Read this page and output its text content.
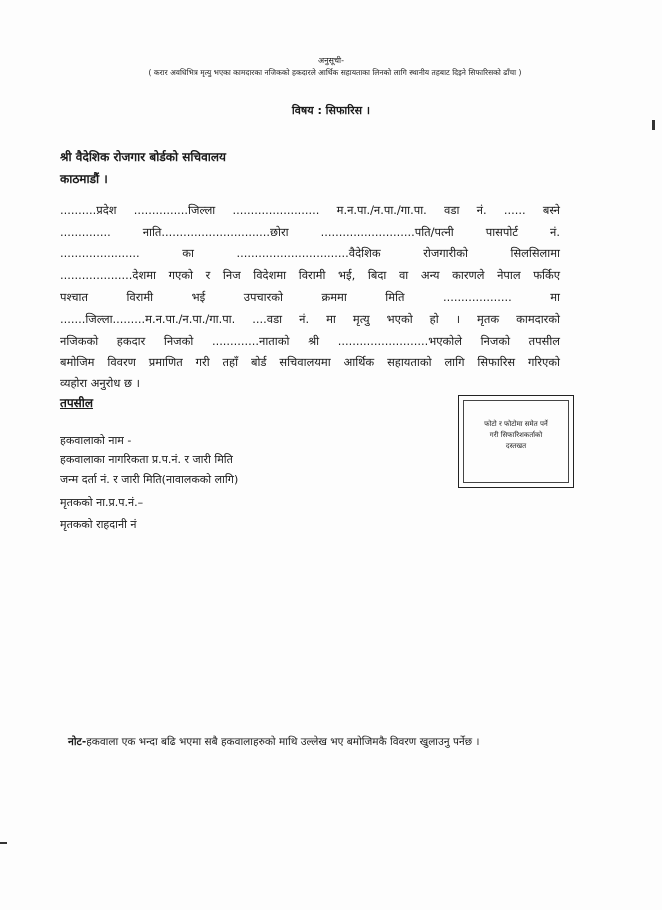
अनुसूची-
( करार अवधिभित्र मृत्यु भएका कामदारका नजिकको हकदारले आर्थिक सहायताका लिनको लागि स्थानीय तहबाट दिइने सिफारिसको ढाँचा )
विषय : सिफारिस ।
श्री वैदेशिक रोजगार बोर्डको सचिवालय
काठमाडौं ।
..........प्रदेश ...............जिल्ला ........................ म.न.पा./न.पा./गा.पा. वडा नं. ...... बस्ने
.............. नाति..............................छोरा ..........................पति/पत्नी पासपोर्ट नं.
...................... का ...............................वैदेशिक रोजगारीको सिलसिलामा
....................देशमा गएको र निज विदेशमा विरामी भई, बिदा वा अन्य कारणले नेपाल फर्किए
पश्चात विरामी भई उपचारको क्रममा मिति ................... मा
.......जिल्ला.........म.न.पा./न.पा./गा.पा. ....वडा नं. मा मृत्यु भएको हो । मृतक कामदारको
नजिकको हकदार निजको .............नाताको श्री .........................भएकोले निजको तपसील
बमोजिम विवरण प्रमाणित गरी तहाँ बोर्ड सचिवालयमा आर्थिक सहायताको लागि सिफारिस गरिएको
व्यहोरा अनुरोध छ ।
तपसील
हकवालाको नाम -
हकवालाका नागरिकता प्र.प.नं. र जारी मिति
जन्म दर्ता नं. र जारी मिति(नावालकको लागि)
मृतकको ना.प्र.प.नं.–
मृतकको राहदानी नं
फोटो र फोटोमा समेत पर्ने
गरी सिफारिशकर्ताको
दस्तखत
नोट-हकवाला एक भन्दा बढि भएमा सबै हकवालाहरुको माथि उल्लेख भए बमोजिमकै विवरण खुलाउनु पर्नेछ ।
